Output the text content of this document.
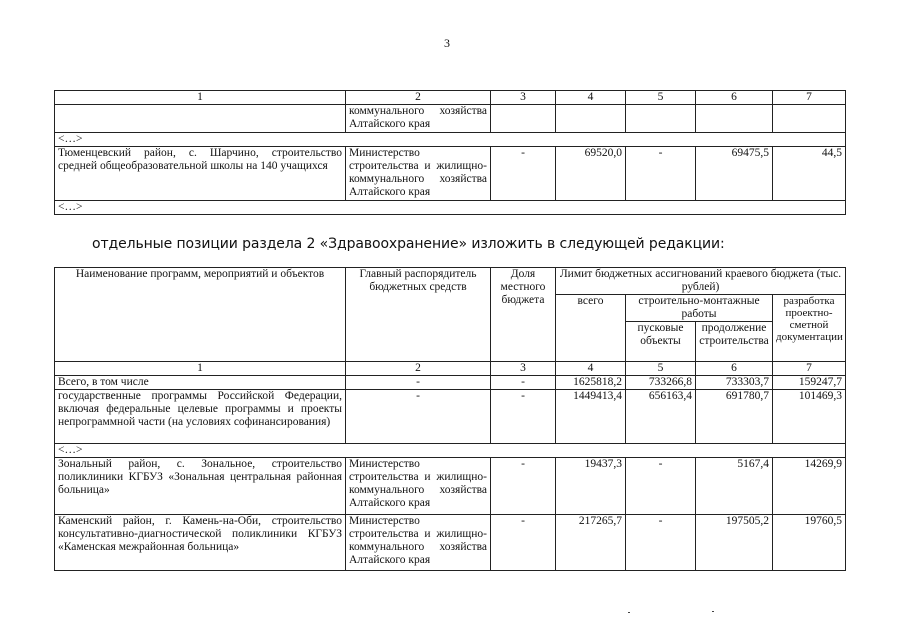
3
1	2	3	4	5	6	7
	коммунального хозяйства Алтайского края					
<…>						
Тюменцевский район, с. Шарчино, строительство средней общеобразовательной школы на 140 учащихся	Министерство строительства и жилищно-коммунального хозяйства Алтайского края	-	69520,0	-	69475,5	44,5
<…>						
отдельные позиции раздела 2 «Здравоохранение» изложить в следующей редакции:
Наименование программ, мероприятий и объектов	Главный распорядитель бюджетных средств	Доля местного бюджета	Лимит бюджетных ассигнований краевого бюджета (тыс. рублей)			
			всего	строительно-монтажные работы		разработка проектно-сметной документации
				пусковые объекты	продолжение строительства	
1	2	3	4	5	6	7
Всего, в том числе	-	-	1625818,2	733266,8	733303,7	159247,7
государственные программы Российской Федерации, включая федеральные целевые программы и проекты непрограммной части (на условиях софинансирования)	-	-	1449413,4	656163,4	691780,7	101469,3
<…>						
Зональный район, с. Зональное, строительство поликлиники КГБУЗ «Зональная центральная районная больница»	Министерство строительства и жилищно-коммунального хозяйства Алтайского края	-	19437,3	-	5167,4	14269,9
Каменский район, г. Камень-на-Оби, строительство консультативно-диагностической поликлиники КГБУЗ «Каменская межрайонная больница»	Министерство строительства и жилищно-коммунального хозяйства Алтайского края	-	217265,7	-	197505,2	19760,5
